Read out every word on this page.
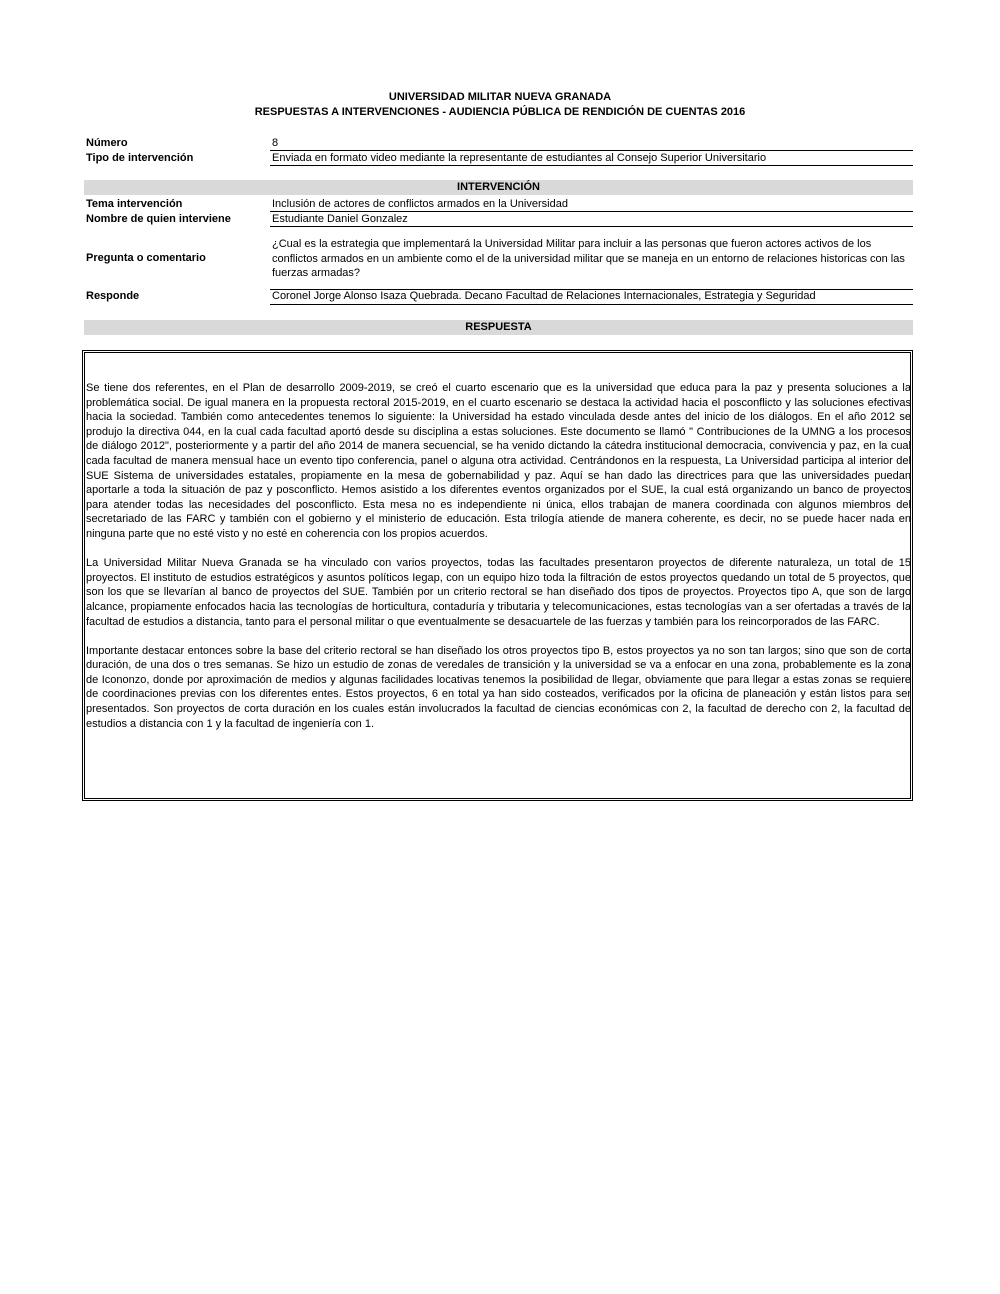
UNIVERSIDAD MILITAR NUEVA GRANADA
RESPUESTAS A INTERVENCIONES - AUDIENCIA PÚBLICA DE RENDICIÓN DE CUENTAS 2016
Número	8
Tipo de intervención	Enviada en formato video mediante la representante de estudiantes al Consejo Superior Universitario
INTERVENCIÓN
Tema intervención	Inclusión de actores de conflictos armados en la Universidad
Nombre de quien interviene	Estudiante Daniel Gonzalez
Pregunta o comentario
¿Cual es la estrategia que implementará la Universidad Militar para incluir a las personas que fueron actores activos de los conflictos armados en un ambiente como el de la universidad militar que se maneja en un entorno de relaciones historicas con las fuerzas armadas?
Responde	Coronel Jorge Alonso Isaza Quebrada. Decano Facultad de Relaciones Internacionales, Estrategia y Seguridad
RESPUESTA

Se tiene dos referentes, en el Plan de desarrollo 2009-2019, se creó el cuarto escenario que es la universidad que educa para la paz y presenta soluciones a la problemática social. De igual manera en la propuesta rectoral 2015-2019, en el cuarto escenario se destaca la actividad hacia el posconflicto y las soluciones efectivas hacia la sociedad. También como antecedentes tenemos lo siguiente: la Universidad ha estado vinculada desde antes del inicio de los diálogos. En el año 2012 se produjo la directiva 044, en la cual cada facultad aportó desde su disciplina a estas soluciones. Este documento se llamó " Contribuciones de la UMNG a los procesos de diálogo 2012", posteriormente y a partir del año 2014 de manera secuencial, se ha venido dictando la cátedra institucional democracia, convivencia y paz, en la cual cada facultad de manera mensual hace un evento tipo conferencia, panel o alguna otra actividad. Centrándonos en la respuesta, La Universidad participa al interior del SUE Sistema de universidades estatales, propiamente en la mesa de gobernabilidad y paz. Aquí se han dado las directrices para que las universidades puedan aportarle a toda la situación de paz y posconflicto. Hemos asistido a los diferentes eventos organizados por el SUE, la cual está organizando un banco de proyectos para atender todas las necesidades del posconflicto. Esta mesa no es independiente ni única, ellos trabajan de manera coordinada con algunos miembros del secretariado de las FARC y también con el gobierno y el ministerio de educación. Esta trilogía atiende de manera coherente, es decir, no se puede hacer nada en ninguna parte que no esté visto y no esté en coherencia con los propios acuerdos.

La Universidad Militar Nueva Granada se ha vinculado con varios proyectos, todas las facultades presentaron proyectos de diferente naturaleza, un total de 15 proyectos. El instituto de estudios estratégicos y asuntos políticos Iegap, con un equipo hizo toda la filtración de estos proyectos quedando un total de 5 proyectos, que son los que se llevarían al banco de proyectos del SUE. También por un criterio rectoral se han diseñado dos tipos de proyectos. Proyectos tipo A, que son de largo alcance, propiamente enfocados hacia las tecnologías de horticultura, contaduría y tributaria y telecomunicaciones, estas tecnologías van a ser ofertadas a través de la facultad de estudios a distancia, tanto para el personal militar o que eventualmente se desacuartele de las fuerzas y también para los reincorporados de las FARC.

Importante destacar entonces sobre la base del criterio rectoral se han diseñado los otros proyectos tipo B, estos proyectos ya no son tan largos; sino que son de corta duración, de una dos o tres semanas. Se hizo un estudio de zonas de veredales de transición y la universidad se va a enfocar en una zona, probablemente es la zona de Icononzo, donde por aproximación de medios y algunas facilidades locativas tenemos la posibilidad de llegar, obviamente que para llegar a estas zonas se requiere de coordinaciones previas con los diferentes entes. Estos proyectos, 6 en total ya han sido costeados, verificados por la oficina de planeación y están listos para ser presentados. Son proyectos de corta duración en los cuales están involucrados la facultad de ciencias económicas con 2, la facultad de derecho con 2, la facultad de estudios a distancia con 1 y la facultad de ingeniería con 1.
